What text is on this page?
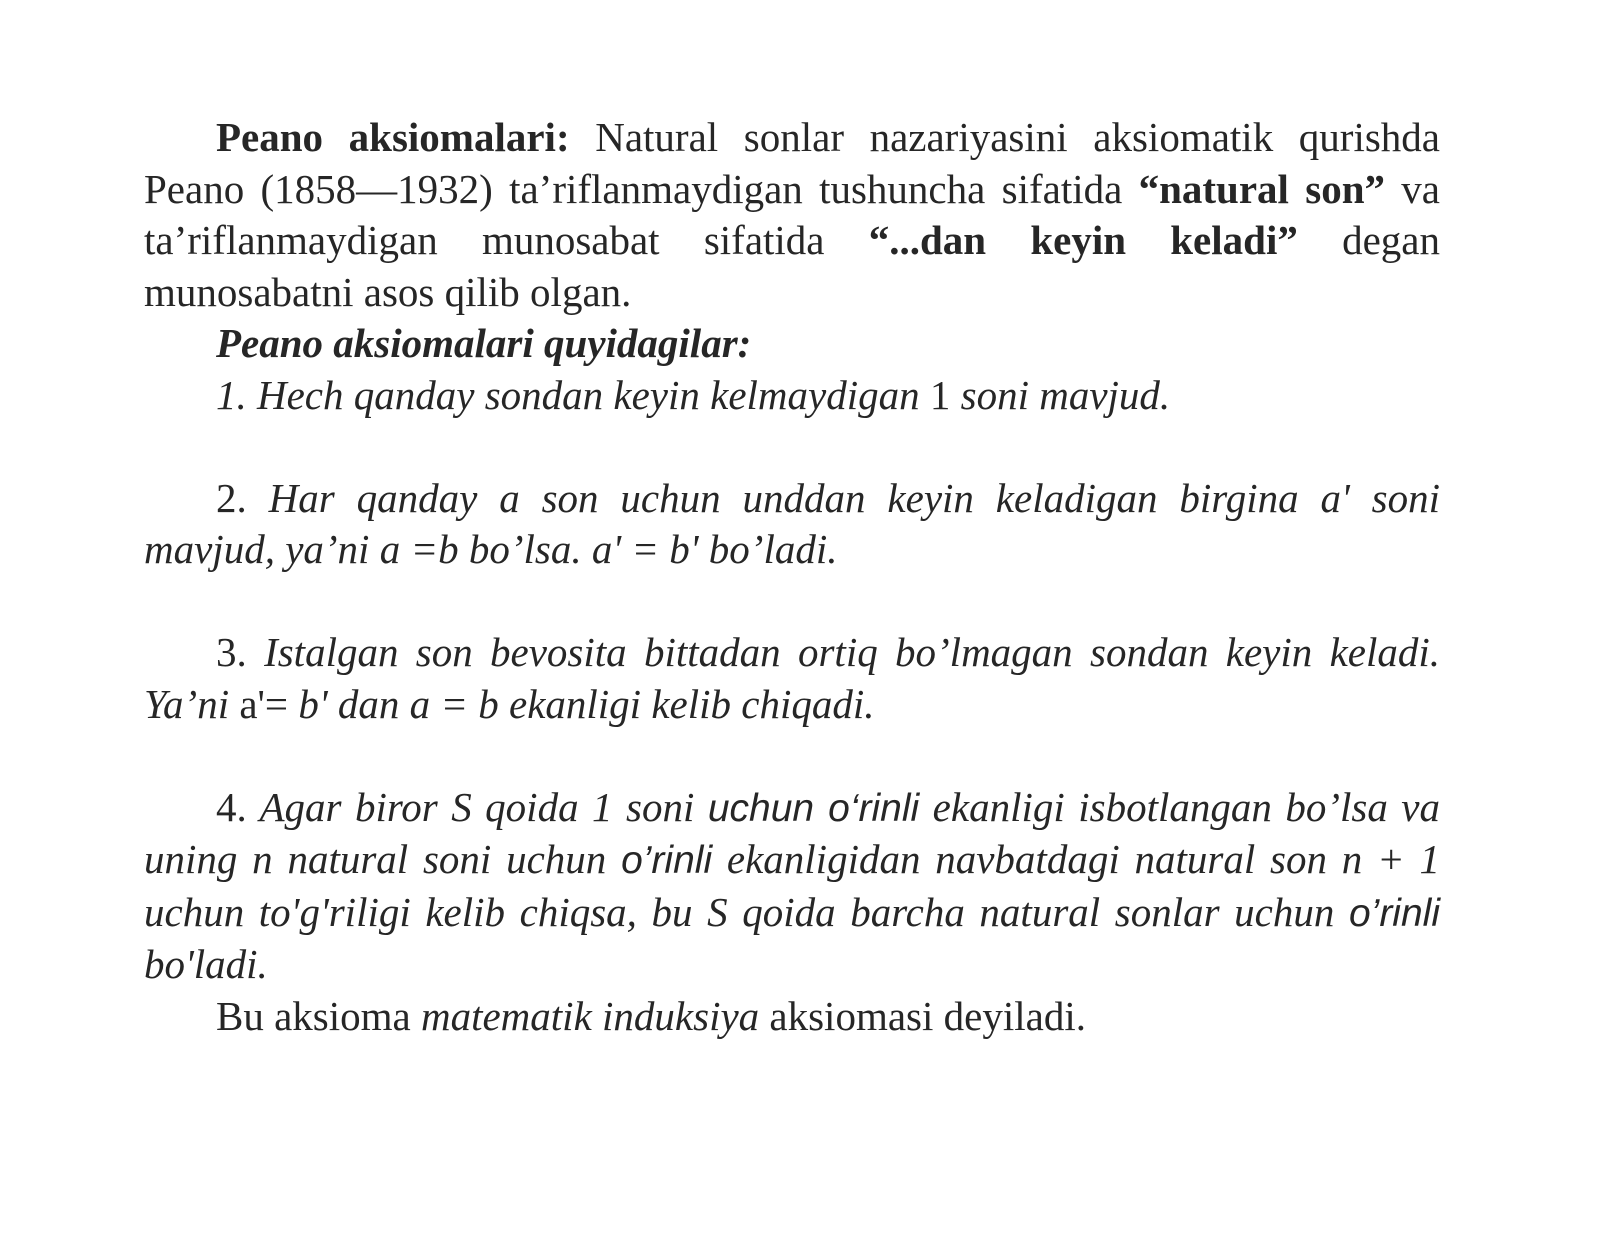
Peano aksiomalari: Natural sonlar nazariyasini aksiomatik qurishda Peano (1858—1932) ta’riflanmaydigan tushuncha sifatida “natural son” va ta’riflanmaydigan munosabat sifatida “...dan keyin keladi” degan munosabatni asos qilib olgan.

Peano aksiomalari quyidagilar:

1. Hech qanday sondan keyin kelmaydigan 1 soni mavjud.

2. Har qanday a son uchun unddan keyin keladigan birgina a' soni mavjud, ya’ni a =b bo’lsa. a' = b' bo’ladi.

3. Istalgan son bevosita bittadan ortiq bo’lmagan sondan keyin keladi. Ya’ni a'= b' dan a = b ekanligi kelib chiqadi.

4. Agar biror S qoida 1 soni uchun o‘rinli ekanligi isbotlangan bo’lsa va uning n natural soni uchun o’rinli ekanligidan navbatdagi natural son n + 1 uchun to'g'riligi kelib chiqsa, bu S qoida barcha natural sonlar uchun o’rinli bo'ladi.

Bu aksioma matematik induksiya aksiomasi deyiladi.
